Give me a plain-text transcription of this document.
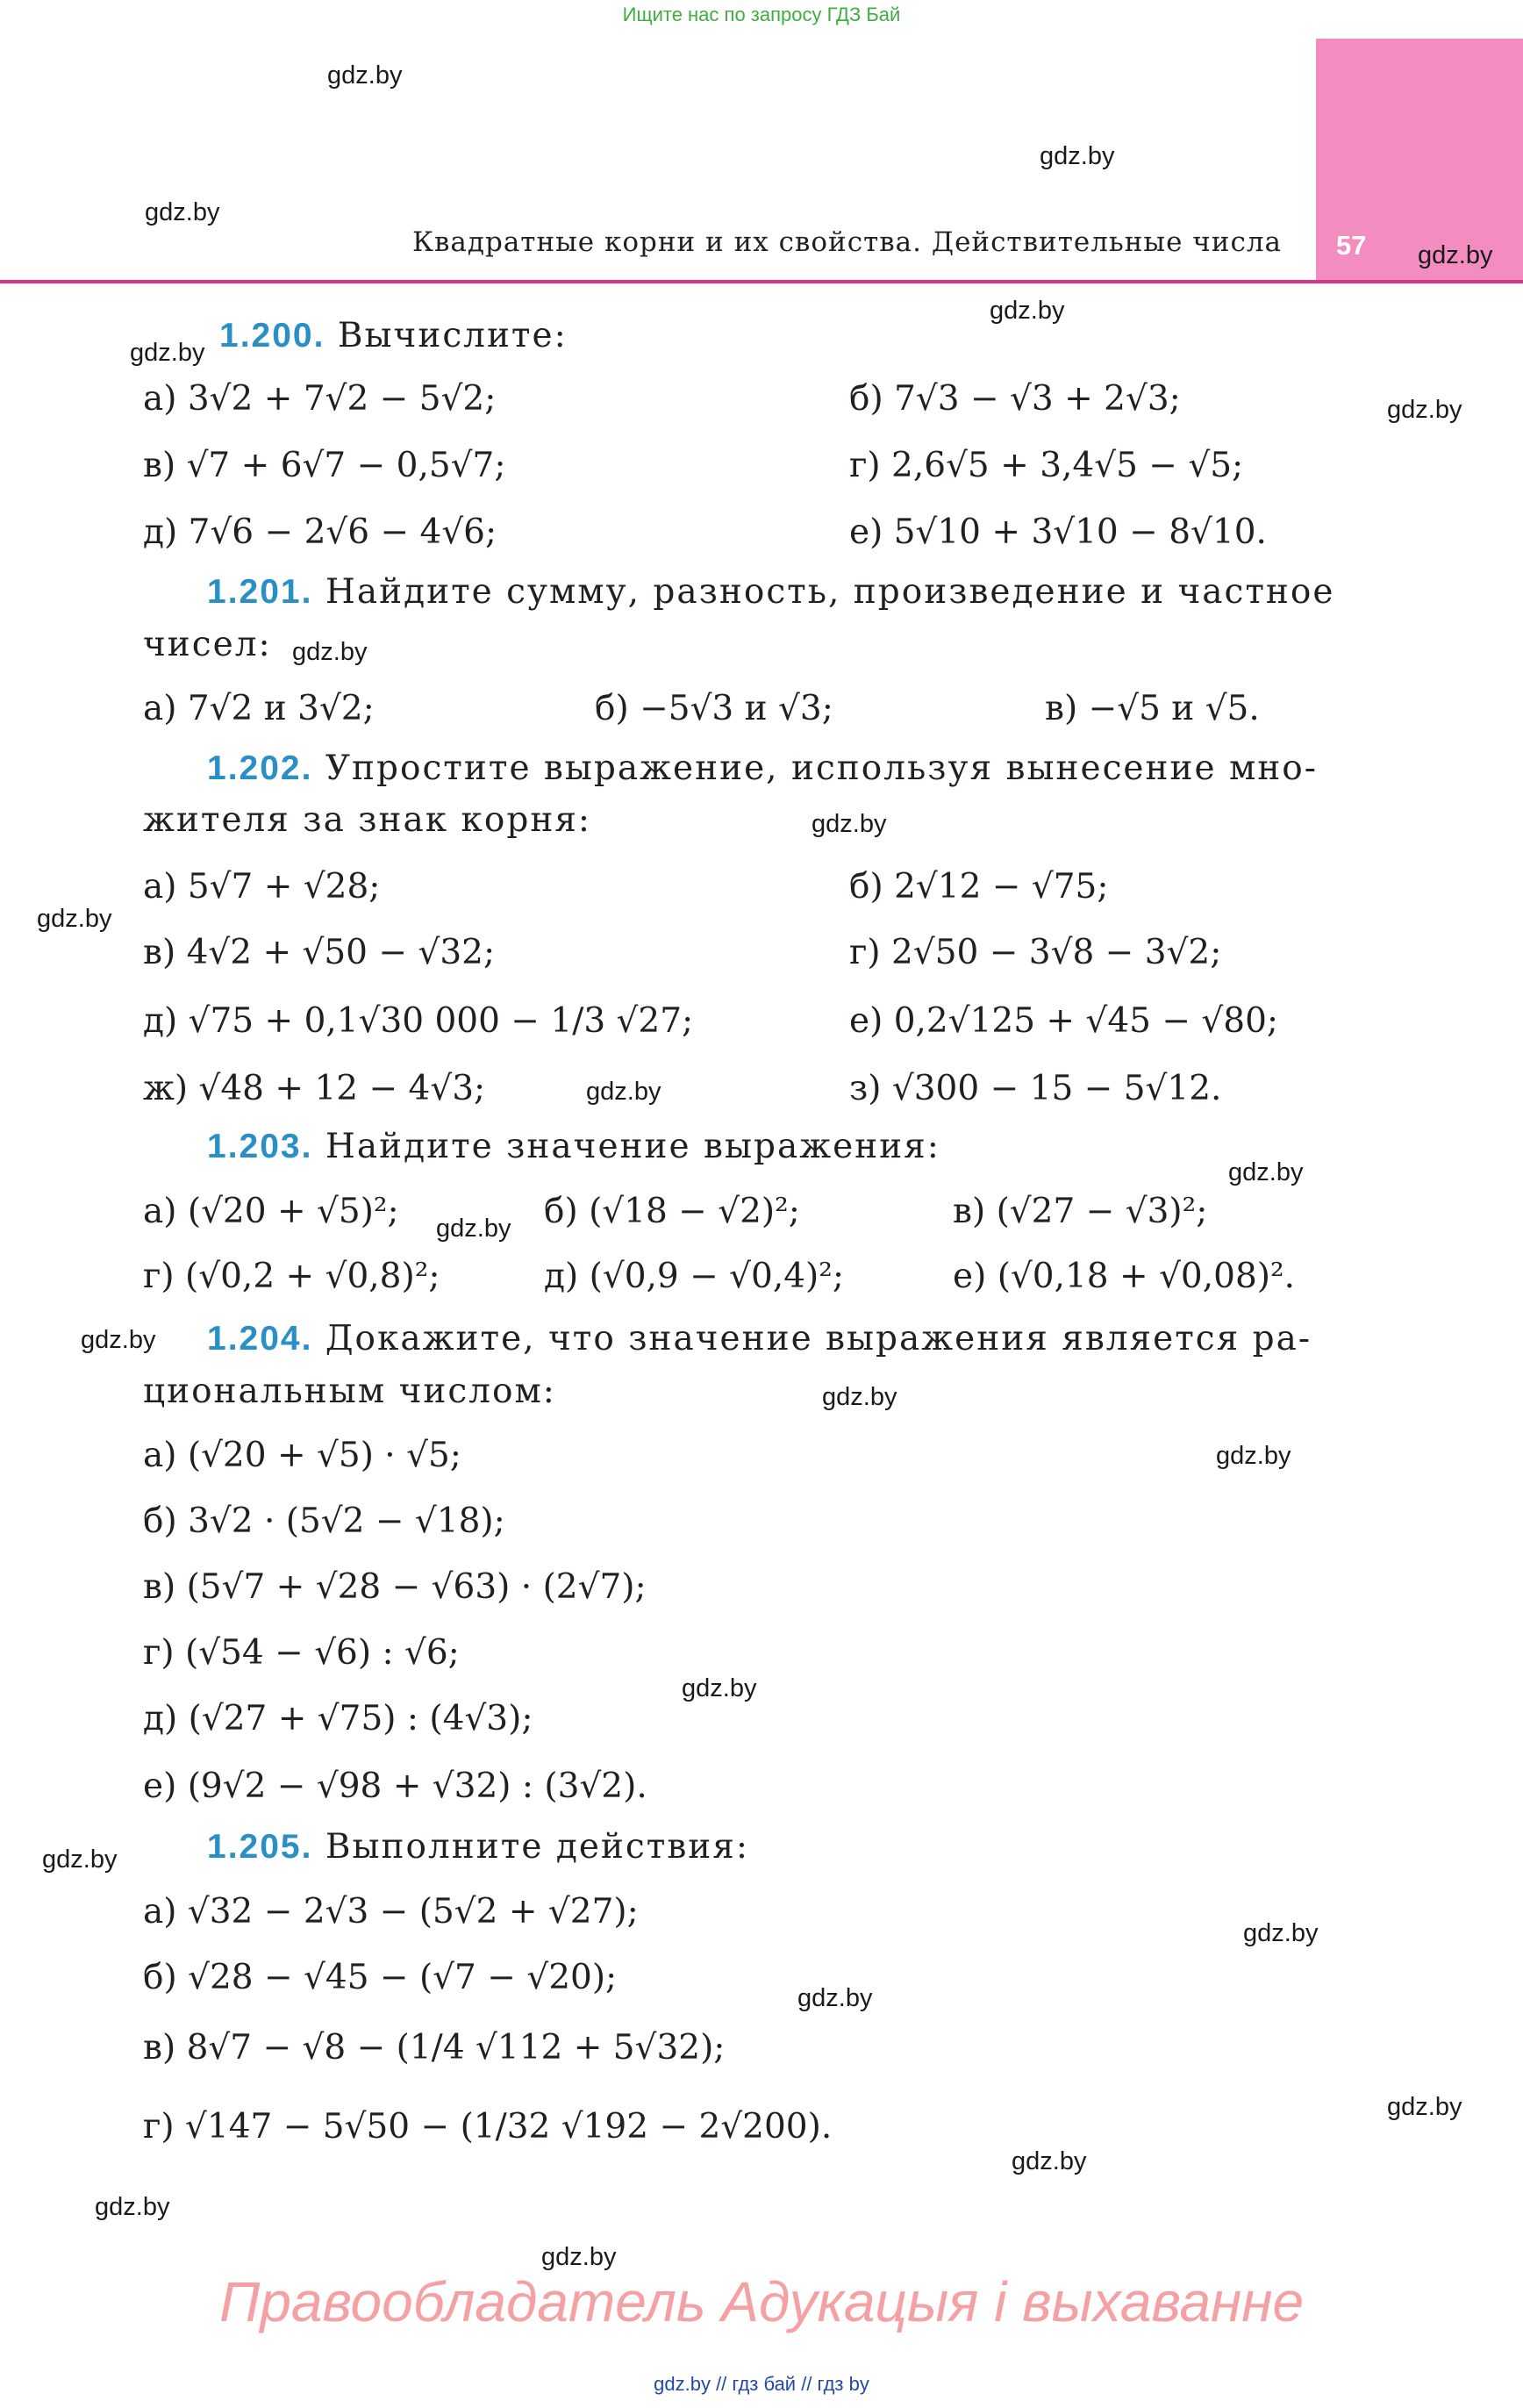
Ищите нас по запросу ГДЗ Бай
57
Квадратные корни и их свойства. Действительные числа
gdz.by
gdz.by
gdz.by
gdz.by
gdz.by
gdz.by
gdz.by
gdz.by
gdz.by
gdz.by
gdz.by
gdz.by
gdz.by
gdz.by
gdz.by
gdz.by
gdz.by
gdz.by
gdz.by
gdz.by
gdz.by
gdz.by
gdz.by
gdz.by
1.200. Вычислите:
а) 3√2 + 7√2 − 5√2;	б) 7√3 − √3 + 2√3;
в) √7 + 6√7 − 0,5√7;	г) 2,6√5 + 3,4√5 − √5;
д) 7√6 − 2√6 − 4√6;	е) 5√10 + 3√10 − 8√10.
1.201. Найдите сумму, разность, произведение и частное
чисел:
а) 7√2 и 3√2;	б) −5√3 и √3;	в) −√5 и √5.
1.202. Упростите выражение, используя вынесение мно-
жителя за знак корня:
а) 5√7 + √28;	б) 2√12 − √75;
в) 4√2 + √50 − √32;	г) 2√50 − 3√8 − 3√2;
д) √75 + 0,1√30 000 − 1/3 √27;	е) 0,2√125 + √45 − √80;
ж) √48 + 12 − 4√3;	з) √300 − 15 − 5√12.
1.203. Найдите значение выражения:
а) (√20 + √5)²;	б) (√18 − √2)²;	в) (√27 − √3)²;
г) (√0,2 + √0,8)²;	д) (√0,9 − √0,4)²;	е) (√0,18 + √0,08)².
1.204. Докажите, что значение выражения является ра-
циональным числом:
а) (√20 + √5) · √5;
б) 3√2 · (5√2 − √18);
в) (5√7 + √28 − √63) · (2√7);
г) (√54 − √6) : √6;
д) (√27 + √75) : (4√3);
е) (9√2 − √98 + √32) : (3√2).
1.205. Выполните действия:
а) √32 − 2√3 − (5√2 + √27);
б) √28 − √45 − (√7 − √20);
в) 8√7 − √8 − (1/4 √112 + 5√32);
г) √147 − 5√50 − (1/32 √192 − 2√200).
Правообладатель Адукацыя і выхаванне
gdz.by // гдз бай // гдз by
